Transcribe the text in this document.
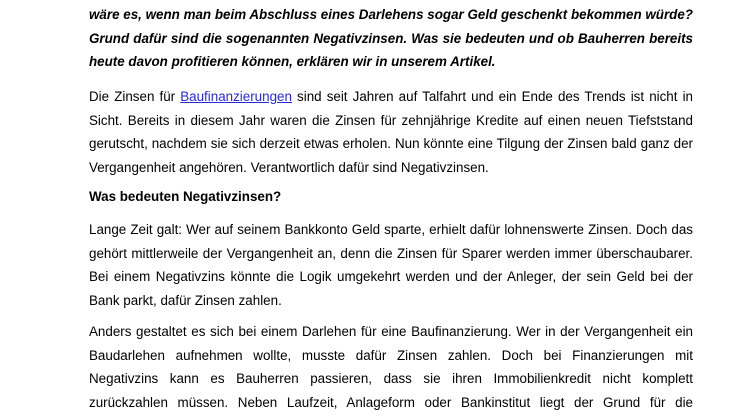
wäre es, wenn man beim Abschluss eines Darlehens sogar Geld geschenkt bekommen würde? Grund dafür sind die sogenannten Negativzinsen. Was sie bedeuten und ob Bauherren bereits heute davon profitieren können, erklären wir in unserem Artikel.

Die Zinsen für Baufinanzierungen sind seit Jahren auf Talfahrt und ein Ende des Trends ist nicht in Sicht. Bereits in diesem Jahr waren die Zinsen für zehnjährige Kredite auf einen neuen Tiefststand gerutscht, nachdem sie sich derzeit etwas erholen. Nun könnte eine Tilgung der Zinsen bald ganz der Vergangenheit angehören. Verantwortlich dafür sind Negativzinsen.

Was bedeuten Negativzinsen?

Lange Zeit galt: Wer auf seinem Bankkonto Geld sparte, erhielt dafür lohnenswerte Zinsen. Doch das gehört mittlerweile der Vergangenheit an, denn die Zinsen für Sparer werden immer überschaubarer. Bei einem Negativzins könnte die Logik umgekehrt werden und der Anleger, der sein Geld bei der Bank parkt, dafür Zinsen zahlen.

Anders gestaltet es sich bei einem Darlehen für eine Baufinanzierung. Wer in der Vergangenheit ein Baudarlehen aufnehmen wollte, musste dafür Zinsen zahlen. Doch bei Finanzierungen mit Negativzins kann es Bauherren passieren, dass sie ihren Immobilienkredit nicht komplett zurückzahlen müssen. Neben Laufzeit, Anlageform oder Bankinstitut liegt der Grund für die
